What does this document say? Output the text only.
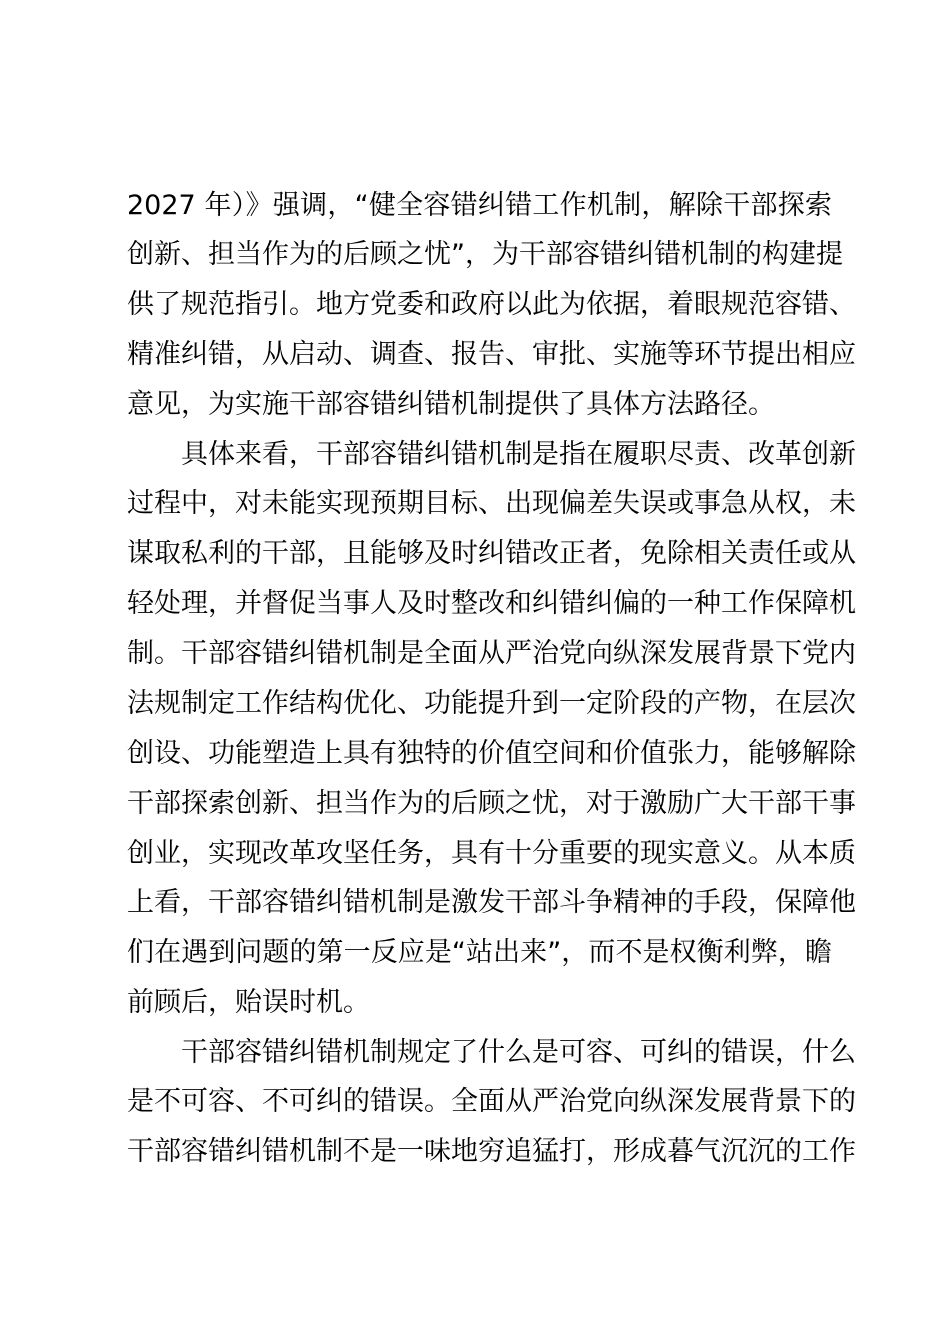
2027 年）》强调，“健全容错纠错工作机制，解除干部探索
创新、担当作为的后顾之忧”，为干部容错纠错机制的构建提
供了规范指引。地方党委和政府以此为依据，着眼规范容错、
精准纠错，从启动、调查、报告、审批、实施等环节提出相应
意见，为实施干部容错纠错机制提供了具体方法路径。
　　具体来看，干部容错纠错机制是指在履职尽责、改革创新
过程中，对未能实现预期目标、出现偏差失误或事急从权，未
谋取私利的干部，且能够及时纠错改正者，免除相关责任或从
轻处理，并督促当事人及时整改和纠错纠偏的一种工作保障机
制。干部容错纠错机制是全面从严治党向纵深发展背景下党内
法规制定工作结构优化、功能提升到一定阶段的产物，在层次
创设、功能塑造上具有独特的价值空间和价值张力，能够解除
干部探索创新、担当作为的后顾之忧，对于激励广大干部干事
创业，实现改革攻坚任务，具有十分重要的现实意义。从本质
上看，干部容错纠错机制是激发干部斗争精神的手段，保障他
们在遇到问题的第一反应是“站出来”，而不是权衡利弊，瞻
前顾后，贻误时机。
　　干部容错纠错机制规定了什么是可容、可纠的错误，什么
是不可容、不可纠的错误。全面从严治党向纵深发展背景下的
干部容错纠错机制不是一味地穷追猛打，形成暮气沉沉的工作
